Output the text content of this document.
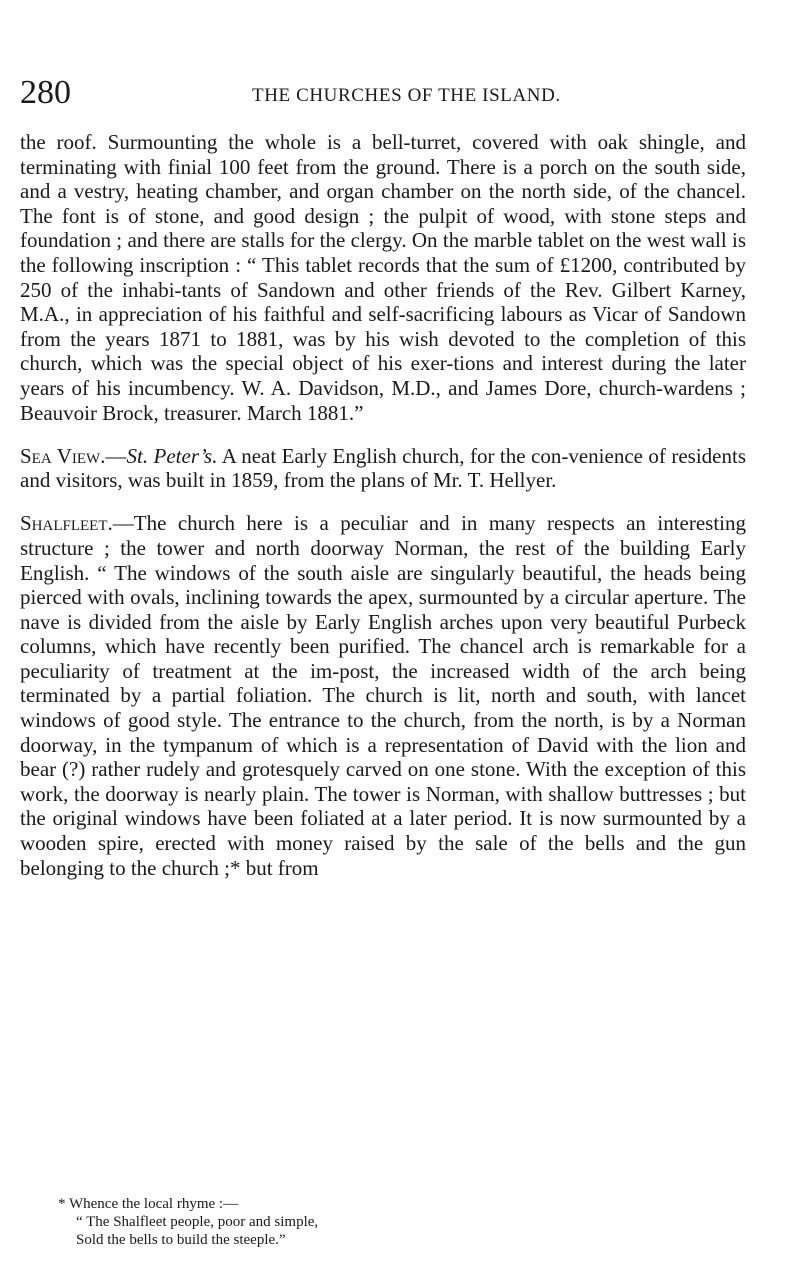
280	THE CHURCHES OF THE ISLAND.

the roof. Surmounting the whole is a bell-turret, covered with oak shingle, and terminating with finial 100 feet from the ground. There is a porch on the south side, and a vestry, heating chamber, and organ chamber on the north side, of the chancel. The font is of stone, and good design ; the pulpit of wood, with stone steps and foundation ; and there are stalls for the clergy. On the marble tablet on the west wall is the following inscription : “ This tablet records that the sum of £1200, contributed by 250 of the inhabi-tants of Sandown and other friends of the Rev. Gilbert Karney, M.A., in appreciation of his faithful and self-sacrificing labours as Vicar of Sandown from the years 1871 to 1881, was by his wish devoted to the completion of this church, which was the special object of his exer-tions and interest during the later years of his incumbency. W. A. Davidson, M.D., and James Dore, church-wardens ; Beauvoir Brock, treasurer. March 1881.”

Sea View.—St. Peter’s. A neat Early English church, for the con-venience of residents and visitors, was built in 1859, from the plans of Mr. T. Hellyer.

Shalfleet.—The church here is a peculiar and in many respects an interesting structure ; the tower and north doorway Norman, the rest of the building Early English. “ The windows of the south aisle are singularly beautiful, the heads being pierced with ovals, inclining towards the apex, surmounted by a circular aperture. The nave is divided from the aisle by Early English arches upon very beautiful Purbeck columns, which have recently been purified. The chancel arch is remarkable for a peculiarity of treatment at the im-post, the increased width of the arch being terminated by a partial foliation. The church is lit, north and south, with lancet windows of good style. The entrance to the church, from the north, is by a Norman doorway, in the tympanum of which is a representation of David with the lion and bear (?) rather rudely and grotesquely carved on one stone. With the exception of this work, the doorway is nearly plain. The tower is Norman, with shallow buttresses ; but the original windows have been foliated at a later period. It is now surmounted by a wooden spire, erected with money raised by the sale of the bells and the gun belonging to the church ;* but from

* Whence the local rhyme :—

“ The Shalfleet people, poor and simple,

Sold the bells to build the steeple.”
